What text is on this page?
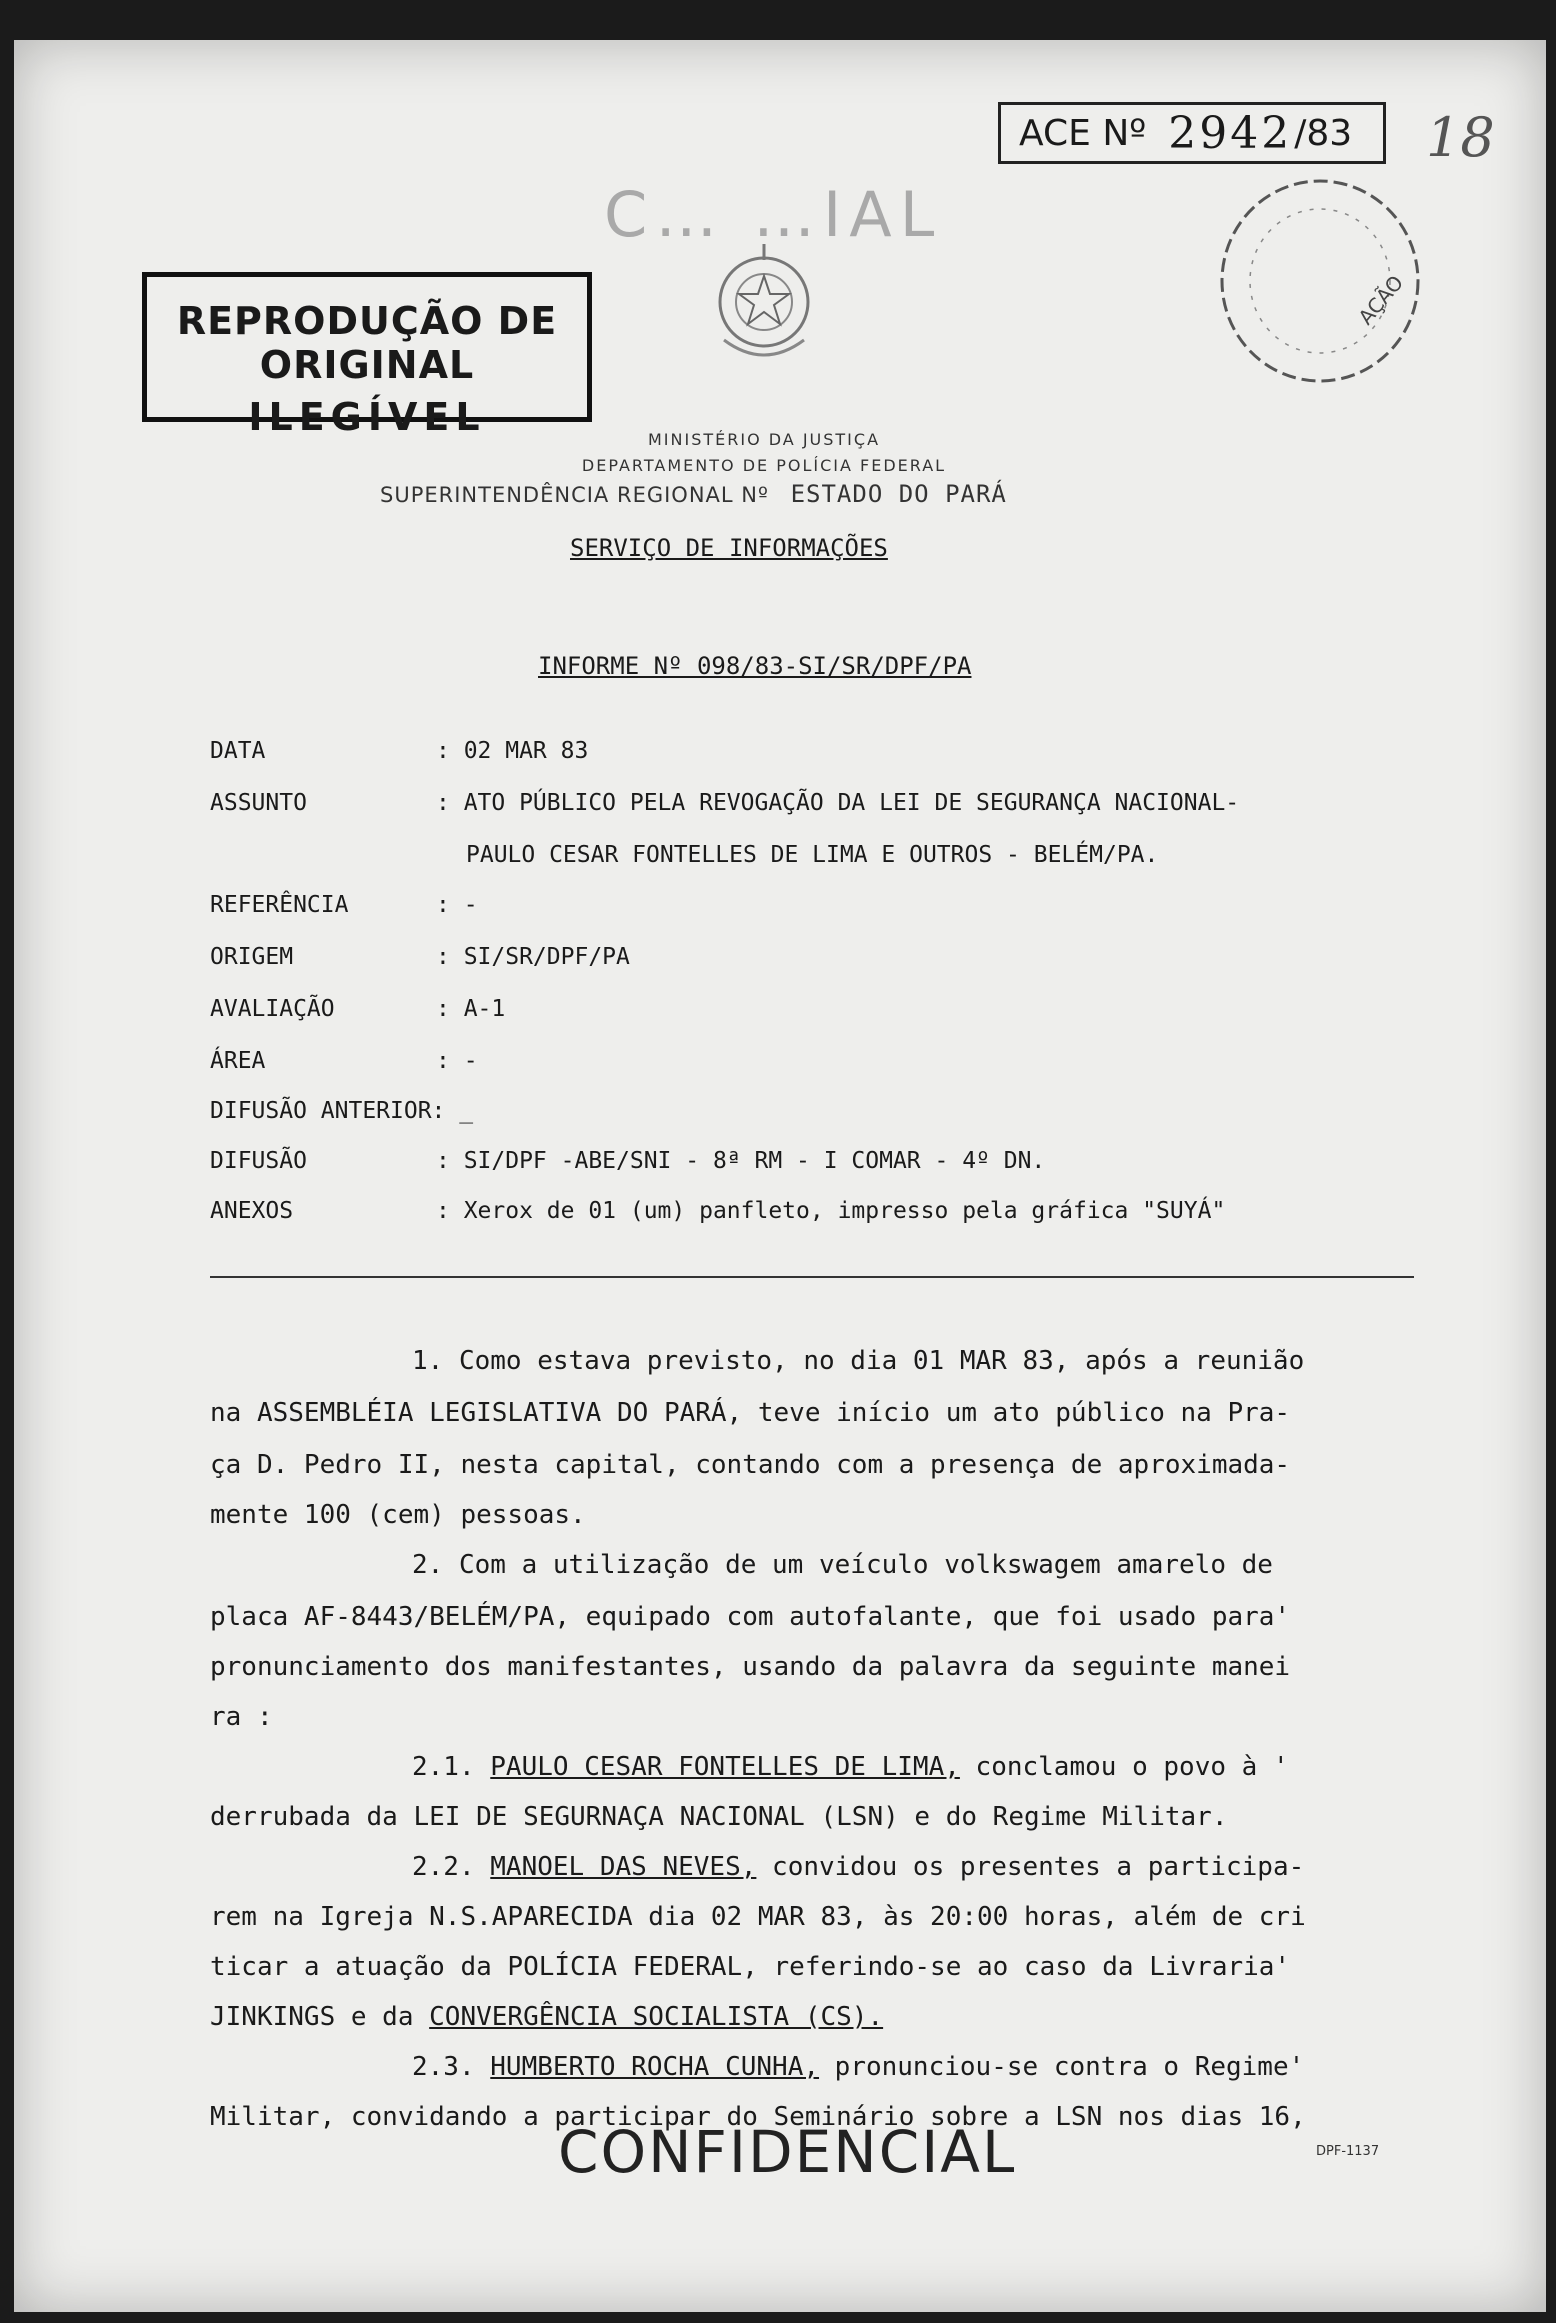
ACE Nº 2942 /83 18
C… …IAL
REPRODUÇÃO DE ORIGINAL
ILEGÍVEL
AÇÃO
MINISTÉRIO DA JUSTIÇA
DEPARTAMENTO DE POLÍCIA FEDERAL
SUPERINTENDÊNCIA REGIONAL Nº ESTADO DO PARÁ
SERVIÇO DE INFORMAÇÕES
INFORME Nº 098/83-SI/SR/DPF/PA
DATA	: 02 MAR 83
ASSUNTO	: ATO PÚBLICO PELA REVOGAÇÃO DA LEI DE SEGURANÇA NACIONAL-
PAULO CESAR FONTELLES DE LIMA E OUTROS - BELÉM/PA.
REFERÊNCIA	: -
ORIGEM	: SI/SR/DPF/PA
AVALIAÇÃO	: A-1
ÁREA	: -
DIFUSÃO ANTERIOR: _
DIFUSÃO	: SI/DPF -ABE/SNI - 8ª RM - I COMAR - 4º DN.
ANEXOS	: Xerox de 01 (um) panfleto, impresso pela gráfica "SUYÁ"
1. Como estava previsto, no dia 01 MAR 83, após a reunião
na ASSEMBLÉIA LEGISLATIVA DO PARÁ, teve início um ato público na Pra-
ça D. Pedro II, nesta capital, contando com a presença de aproximada-
mente 100 (cem) pessoas.
2. Com a utilização de um veículo volkswagem amarelo de
placa AF-8443/BELÉM/PA, equipado com autofalante, que foi usado para'
pronunciamento dos manifestantes, usando da palavra da seguinte manei
ra :
2.1. PAULO CESAR FONTELLES DE LIMA, conclamou o povo à '
derrubada da LEI DE SEGURNAÇA NACIONAL (LSN) e do Regime Militar.
2.2. MANOEL DAS NEVES, convidou os presentes a participa-
rem na Igreja N.S.APARECIDA dia 02 MAR 83, às 20:00 horas, além de cri
ticar a atuação da POLÍCIA FEDERAL, referindo-se ao caso da Livraria'
JINKINGS e da CONVERGÊNCIA SOCIALISTA (CS).
2.3. HUMBERTO ROCHA CUNHA, pronunciou-se contra o Regime'
Militar, convidando a participar do Seminário sobre a LSN nos dias 16,
CONFIDENCIAL	DPF-1137
